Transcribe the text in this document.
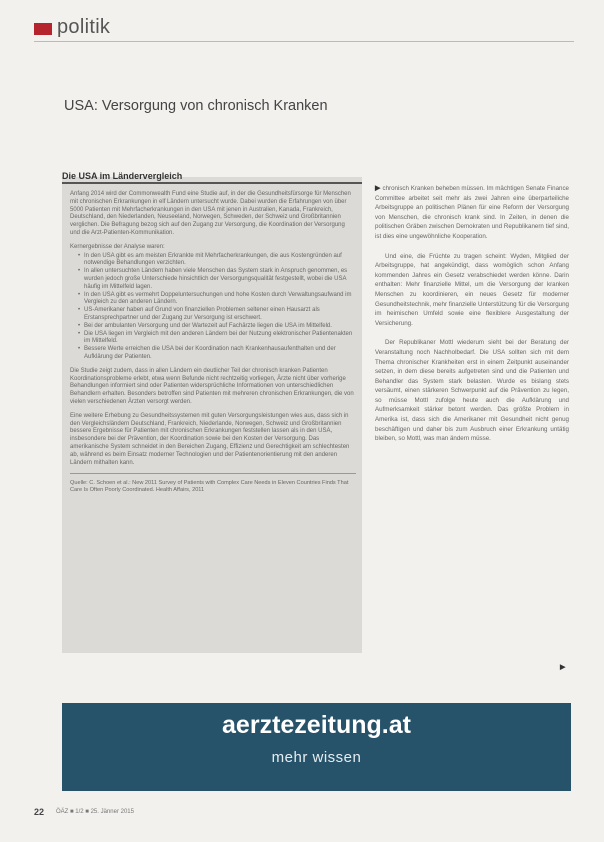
politik
USA: Versorgung von chronisch Kranken
Die USA im Ländervergleich

Anfang 2014 wird der Commonwealth Fund eine Studie auf, in der die Gesundheitsfürsorge für Menschen mit chronischen Erkrankungen in elf Ländern untersucht wurde. Dabei wurden die Erfahrungen von über 5000 Patienten mit Mehrfacherkrankungen in den USA mit jenen in Australien, Kanada, Frankreich, Deutschland, den Niederlanden, Neuseeland, Norwegen, Schweden, der Schweiz und Großbritannien verglichen. Die Befragung bezog sich auf den Zugang zur Versorgung, die Koordination der Versorgung und die Arzt-Patienten-Kommunikation.

Kernergebnisse der Analyse waren:

• In den USA gibt es am meisten Erkrankte mit Mehrfacherkrankungen, die aus Kostengründen auf notwendige Behandlungen verzichten.
• In allen untersuchten Ländern haben viele Menschen das System stark in Anspruch genommen, es wurden jedoch große Unterschiede hinsichtlich der Versorgungsqualität festgestellt, wobei die USA häufig im Mittelfeld lagen.
• In den USA gibt es vermehrt Doppeluntersuchungen und hohe Kosten durch Verwaltungsaufwand im Vergleich zu den anderen Ländern.
• US-Amerikaner haben auf Grund von finanziellen Problemen seltener einen Hausarzt als Erstansprechpartner und der Zugang zur Versorgung ist erschwert.
• Bei der ambulanten Versorgung und der Wartezeit auf Fachärzte liegen die USA im Mittelfeld.
• Die USA liegen im Vergleich mit den anderen Ländern bei der Nutzung elektronischer Patientenakten im Mittelfeld.
• Bessere Werte erreichen die USA bei der Koordination nach Krankenhausaufenthalten und der Aufklärung der Patienten.

Die Studie zeigt zudem, dass in allen Ländern ein deutlicher Teil der chronisch kranken Patienten Koordinationsprobleme erlebt, etwa wenn Befunde nicht rechtzeitig vorliegen, Ärzte nicht über vorherige Behandlungen informiert sind oder Patienten widersprüchliche Informationen von unterschiedlichen Behandlern erhalten. Besonders betroffen sind Patienten mit mehreren chronischen Erkrankungen, die von vielen verschiedenen Ärzten versorgt werden.

Eine weitere Erhebung zu Gesundheitssystemen mit guten Versorgungsleistungen wies aus, dass sich in den Vergleichsländern Deutschland, Frankreich, Niederlande, Norwegen, Schweiz und Großbritannien bessere Ergebnisse für Patienten mit chronischen Erkrankungen feststellen lassen als in den USA, insbesondere bei der Prävention, der Koordination sowie bei den Kosten der Versorgung. Das amerikanische System schneidet in den Bereichen Zugang, Effizienz und Gerechtigkeit am schlechtesten ab, während es beim Einsatz moderner Technologien und der Patientenorientierung mit den anderen Ländern mithalten kann.

Quelle: C. Schoen et al.: New 2011 Survey of Patients with Complex Care Needs in Eleven Countries Finds That Care Is Often Poorly Coordinated. Health Affairs, 2011

▶︎ chronisch Kranken beheben müssen. Im mächtigen Senate Finance Committee arbeitet seit mehr als zwei Jahren eine überparteiliche Arbeitsgruppe an politischen Plänen für eine Reform der Versorgung von Menschen, die chronisch krank sind. In Zeiten, in denen die politischen Gräben zwischen Demokraten und Republikanern tief sind, ist dies eine ungewöhnliche Kooperation.

Und eine, die Früchte zu tragen scheint: Wyden, Mitglied der Arbeitsgruppe, hat angekündigt, dass womöglich schon Anfang kommenden Jahres ein Gesetz verabschiedet werden könne. Darin enthalten: Mehr finanzielle Mittel, um die Versorgung der kranken Menschen zu koordinieren, ein neues Gesetz für moderner Gesundheitstechnik, mehr finanzielle Unterstützung für die Versorgung im heimischen Umfeld sowie eine flexiblere Ausgestaltung der Versicherung.

Der Republikaner Mottl wiederum sieht bei der Beratung der Veranstaltung noch Nachholbedarf. Die USA sollten sich mit dem Thema chronischer Krankheiten erst in einem Zeitpunkt auseinander setzen, in dem diese bereits aufgetreten sind und die Patienten und Behandler das System stark belasten. Wurde es bislang stets versäumt, einen stärkeren Schwerpunkt auf die Prävention zu legen, so müsse Mottl zufolge heute auch die Aufklärung und Aufmerksamkeit stärker betont werden. Das größte Problem in Amerika ist, dass sich die Amerikaner mit Gesundheit nicht genug beschäftigen und daher bis zum Ausbruch einer Erkrankung untätig bleiben, so Mottl, was man ändern müsse.

▶︎
aerztezeitung.at
mehr wissen
22 ÖÄZ ■ 1/2 ■ 25. Jänner 2015
